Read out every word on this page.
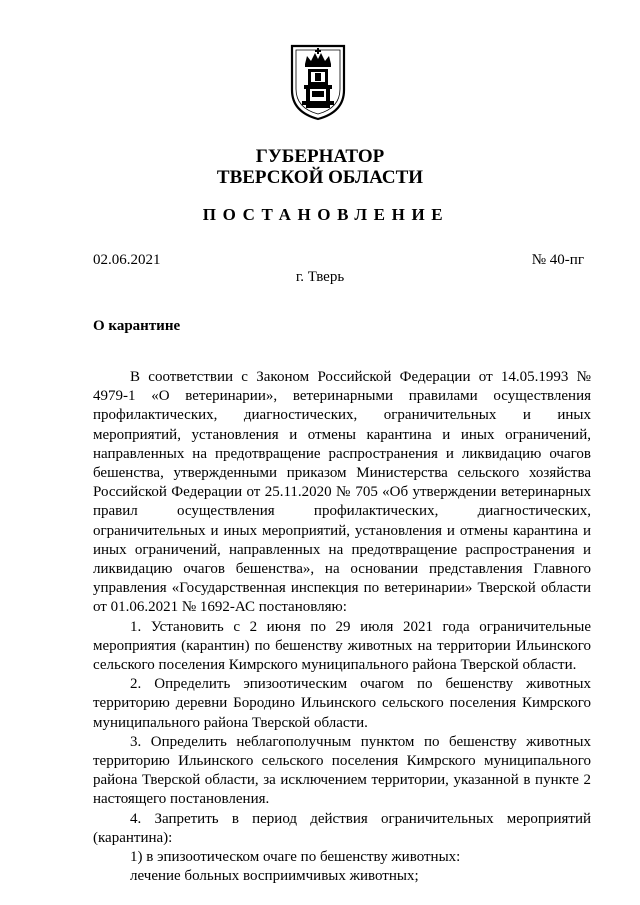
ГУБЕРНАТОР
ТВЕРСКОЙ ОБЛАСТИ
ПОСТАНОВЛЕНИЕ
02.06.2021	№ 40-пг
г. Тверь
О карантине

В соответствии с Законом Российской Федерации от 14.05.1993 № 4979-1 «О ветеринарии», ветеринарными правилами осуществления профилактических, диагностических, ограничительных и иных мероприятий, установления и отмены карантина и иных ограничений, направленных на предотвращение распространения и ликвидацию очагов бешенства, утвержденными приказом Министерства сельского хозяйства Российской Федерации от 25.11.2020 № 705 «Об утверждении ветеринарных правил осуществления профилактических, диагностических, ограничительных и иных мероприятий, установления и отмены карантина и иных ограничений, направленных на предотвращение распространения и ликвидацию очагов бешенства», на основании представления Главного управления «Государственная инспекция по ветеринарии» Тверской области от 01.06.2021 № 1692-АС постановляю:

1. Установить с 2 июня по 29 июля 2021 года ограничительные мероприятия (карантин) по бешенству животных на территории Ильинского сельского поселения Кимрского муниципального района Тверской области.

2. Определить эпизоотическим очагом по бешенству животных территорию деревни Бородино Ильинского сельского поселения Кимрского муниципального района Тверской области.

3. Определить неблагополучным пунктом по бешенству животных территорию Ильинского сельского поселения Кимрского муниципального района Тверской области, за исключением территории, указанной в пункте 2 настоящего постановления.

4. Запретить в период действия ограничительных мероприятий (карантина):

1) в эпизоотическом очаге по бешенству животных:

лечение больных восприимчивых животных;
